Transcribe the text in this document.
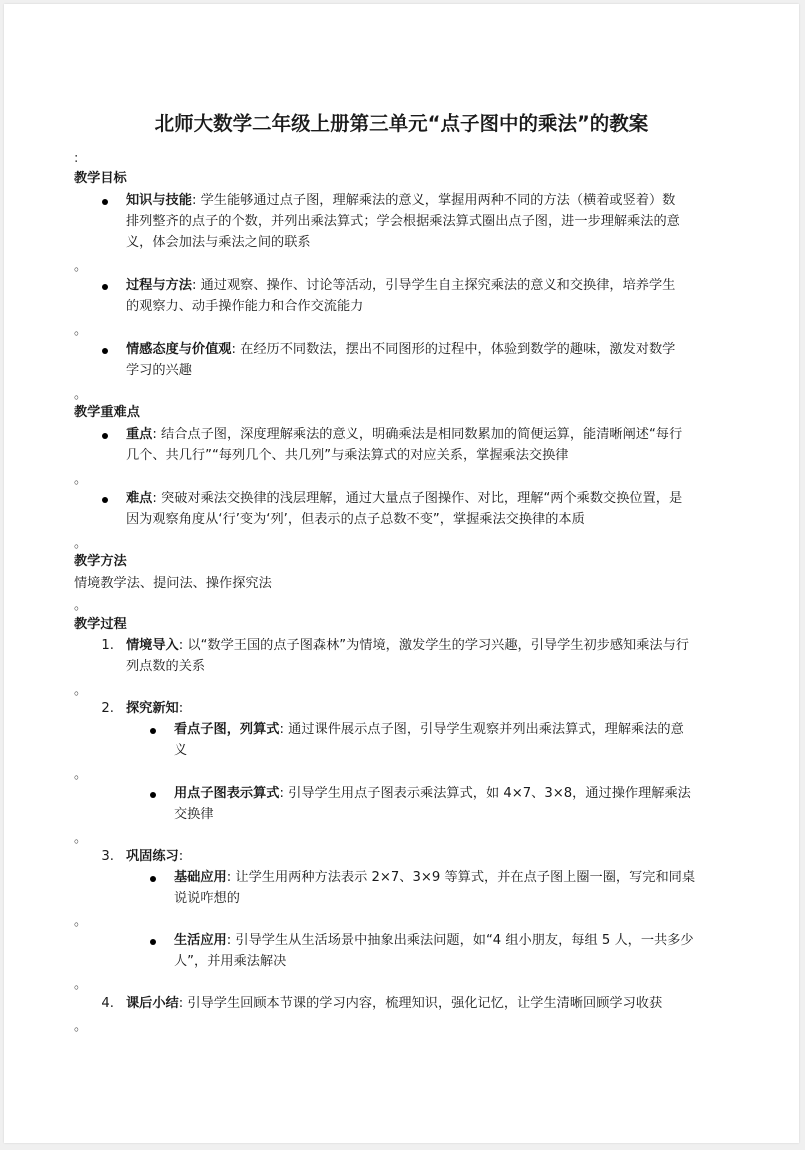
北师大数学二年级上册第三单元“点子图中的乘法”的教案
:
教学目标
知识与技能: 学生能够通过点子图，理解乘法的意义，掌握用两种不同的方法（横着或竖着）数
排列整齐的点子的个数，并列出乘法算式；学会根据乘法算式圈出点子图，进一步理解乘法的意
义，体会加法与乘法之间的联系
。
过程与方法: 通过观察、操作、讨论等活动，引导学生自主探究乘法的意义和交换律，培养学生
的观察力、动手操作能力和合作交流能力
。
情感态度与价值观: 在经历不同数法，摆出不同图形的过程中，体验到数学的趣味，激发对数学
学习的兴趣
。
教学重难点
重点: 结合点子图，深度理解乘法的意义，明确乘法是相同数累加的简便运算，能清晰阐述“每行
几个、共几行”“每列几个、共几列”与乘法算式的对应关系，掌握乘法交换律
。
难点: 突破对乘法交换律的浅层理解，通过大量点子图操作、对比，理解“两个乘数交换位置，是
因为观察角度从‘行’变为‘列’，但表示的点子总数不变”，掌握乘法交换律的本质
。
教学方法
情境教学法、提问法、操作探究法
。
教学过程
1. 情境导入: 以“数学王国的点子图森林”为情境，激发学生的学习兴趣，引导学生初步感知乘法与行
列点数的关系
。
2. 探究新知:
看点子图，列算式: 通过课件展示点子图，引导学生观察并列出乘法算式，理解乘法的意
义
。
用点子图表示算式: 引导学生用点子图表示乘法算式，如 4×7、3×8，通过操作理解乘法
交换律
。
3. 巩固练习:
基础应用: 让学生用两种方法表示 2×7、3×9 等算式，并在点子图上圈一圈，写完和同桌
说说咋想的
。
生活应用: 引导学生从生活场景中抽象出乘法问题，如“4 组小朋友，每组 5 人，一共多少
人”，并用乘法解决
。
4. 课后小结: 引导学生回顾本节课的学习内容，梳理知识，强化记忆，让学生清晰回顾学习收获
。
